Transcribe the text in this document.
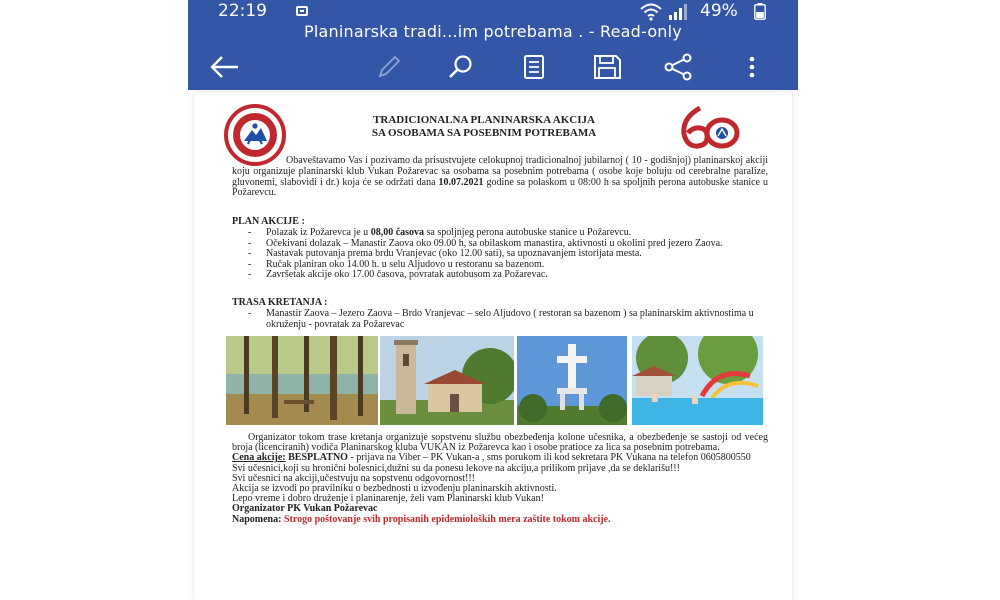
22:19	49%
Planinarska tradi...im potrebama . - Read-only
TRADICIONALNA PLANINARSKA AKCIJA
SA OSOBAMA SA POSEBNIM POTREBAMA
Obaveštavamo Vas i pozivamo da prisustvujete celokupnoj tradicionalnoj jubilarnoj ( 10 - godišnjoj) planinarskoj akciji koju organizuje planinarski klub Vukan Požarevac sa osobama sa posebnim potrebama ( osobe koje boluju od cerebralne paralize, gluvonemi, slabovidi i dr.) koja će se održati dana 10.07.2021 godine sa polaskom u 08:00 h sa spoljnih perona autobuske stanice u Požarevcu.
PLAN AKCIJE :
- Polazak iz Požarevca je u 08,00 časova sa spoljnjeg perona autobuske stanice u Požarevcu.
- Očekivani dolazak – Manastir Zaova oko 09.00 h, sa obilaskom manastira, aktivnosti u okolini pred jezero Zaova.
- Nastavak putovanja prema brdu Vranjevac (oko 12.00 sati), sa upoznavanjem istorijata mesta.
- Ručak planiran oko 14.00 h. u selu Aljudovo u restoranu sa bazenom.
- Završetak akcije oko 17.00 časova, povratak autobusom za Požarevac.
TRASA KRETANJA :
- Manastir Zaova – Jezero Zaova – Brdo Vranjevac – selo Aljudovo ( restoran sa bazenom ) sa planinarskim aktivnostima u okruženju - povratak za Požarevac
Organizator tokom trase kretanja organizuje sopstvenu službu obezbeđenja kolone učesnika, a obezbeđenje se sastoji od većeg broja (licenciranih) vodiča Planinarskog kluba VUKAN iz Požarevca kao i osobe pratioce za lica sa posebnim potrebama.
Cena akcije: BESPLATNO - prijava na Viber – PK Vukan-a , sms porukom ili kod sekretara PK Vukana na telefon 0605800550
Svi učesnici,koji su hronični bolesnici,dužni su da ponesu lekove na akciju,a prilikom prijave ,da se deklarišu!!!
Svi učesnici na akciji,učestvuju na sopstvenu odgovornost!!!
Akcija se izvodi po pravilniku o bezbednosti u izvođenju planinarskih aktivnosti.
Lepo vreme i dobro druženje i planinarenje, želi vam Planinarski klub Vukan!
Organizator PK Vukan Požarevac
Napomena: Strogo poštovanje svih propisanih epidemioloških mera zaštite tokom akcije.
